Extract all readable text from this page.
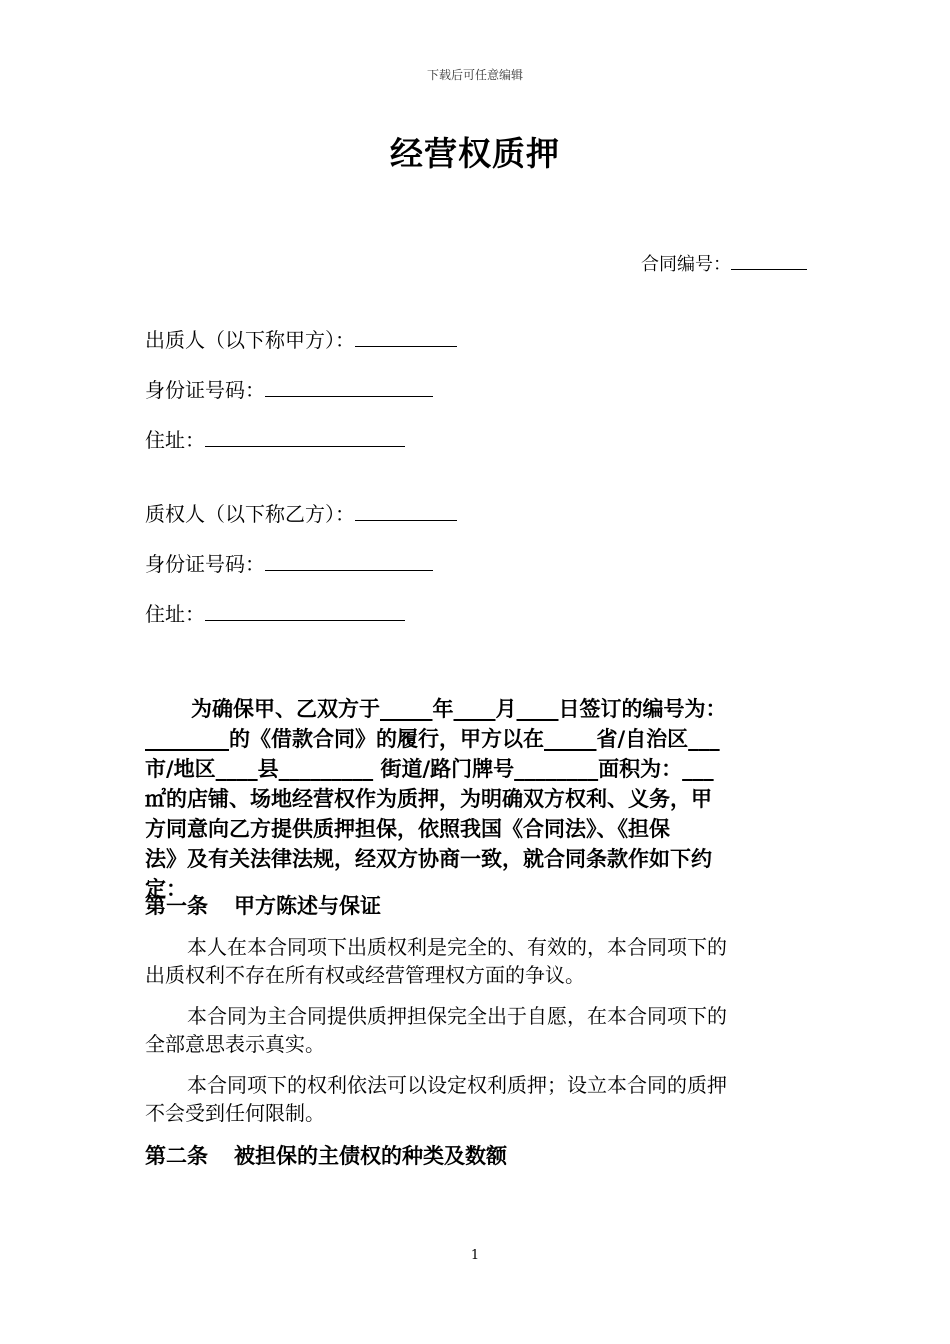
下载后可任意编辑
经营权质押
合同编号：
出质人（以下称甲方）：
身份证号码：
住址：
质权人（以下称乙方）：
身份证号码：
住址：
为确保甲、乙双方于_____年____月____日签订的编号为：
________的《借款合同》的履行，甲方以在_____省/自治区___
市/地区____县_________ 街道/路门牌号________面积为：___
㎡的店铺、场地经营权作为质押，为明确双方权利、义务，甲
方同意向乙方提供质押担保，依照我国《合同法》、《担保
法》及有关法律法规，经双方协商一致，就合同条款作如下约
定：
第一条 甲方陈述与保证
本人在本合同项下出质权利是完全的、有效的，本合同项下的
出质权利不存在所有权或经营管理权方面的争议。
本合同为主合同提供质押担保完全出于自愿，在本合同项下的
全部意思表示真实。
本合同项下的权利依法可以设定权利质押；设立本合同的质押
不会受到任何限制。
第二条 被担保的主债权的种类及数额
1
